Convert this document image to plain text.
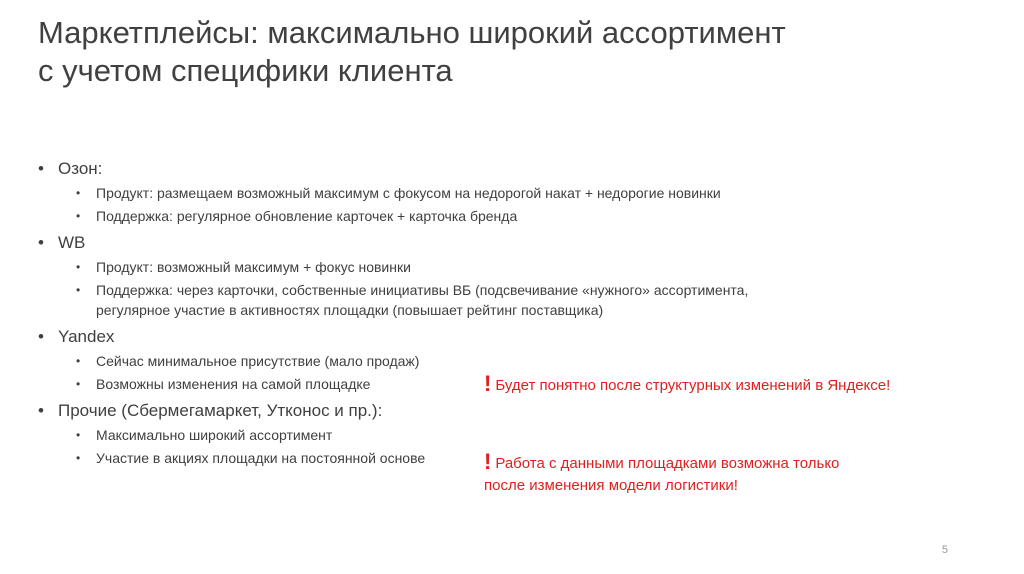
Маркетплейсы: максимально широкий ассортимент
с учетом специфики клиента
• Озон:
• Продукт: размещаем возможный максимум с фокусом на недорогой накат + недорогие новинки
• Поддержка: регулярное обновление карточек + карточка бренда
• WB
• Продукт: возможный максимум + фокус новинки
• Поддержка: через карточки, собственные инициативы ВБ (подсвечивание «нужного» ассортимента,
регулярное участие в активностях площадки (повышает рейтинг поставщика)
• Yandex
• Сейчас минимальное присутствие (мало продаж)
• Возможны изменения на самой площадке
• Прочие (Сбермегамаркет, Утконос и пр.):
• Максимально широкий ассортимент
• Участие в акциях площадки на постоянной основе
! Будет понятно после структурных изменений в Яндексе!
! Работа с данными площадками возможна только
после изменения модели логистики!
5
